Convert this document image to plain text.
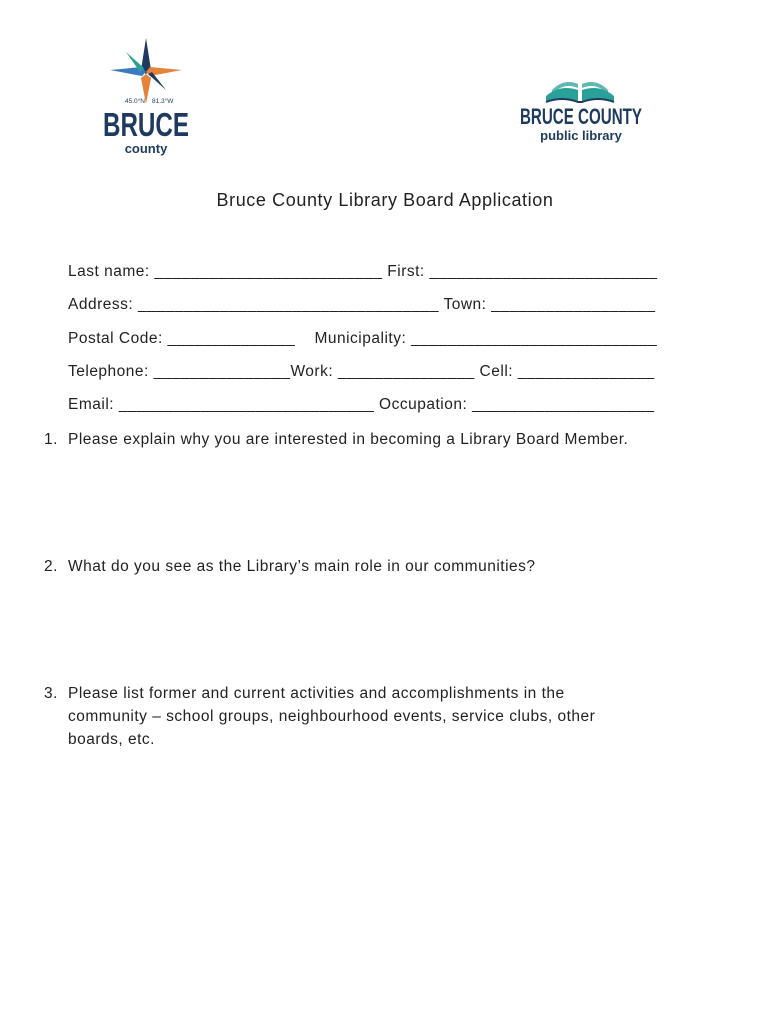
45.0°N 81.3°W
BRUCE
county
BRUCE COUNTY
public library
Bruce County Library Board Application
Last name: _________________________ First: _________________________
Address: _________________________________ Town: __________________
Postal Code: ______________    Municipality: ___________________________
Telephone: _______________Work: _______________ Cell: _______________
Email: ____________________________ Occupation: ____________________
1. Please explain why you are interested in becoming a Library Board Member.
2. What do you see as the Library’s main role in our communities?
3. Please list former and current activities and accomplishments in the
community – school groups, neighbourhood events, service clubs, other
boards, etc.
